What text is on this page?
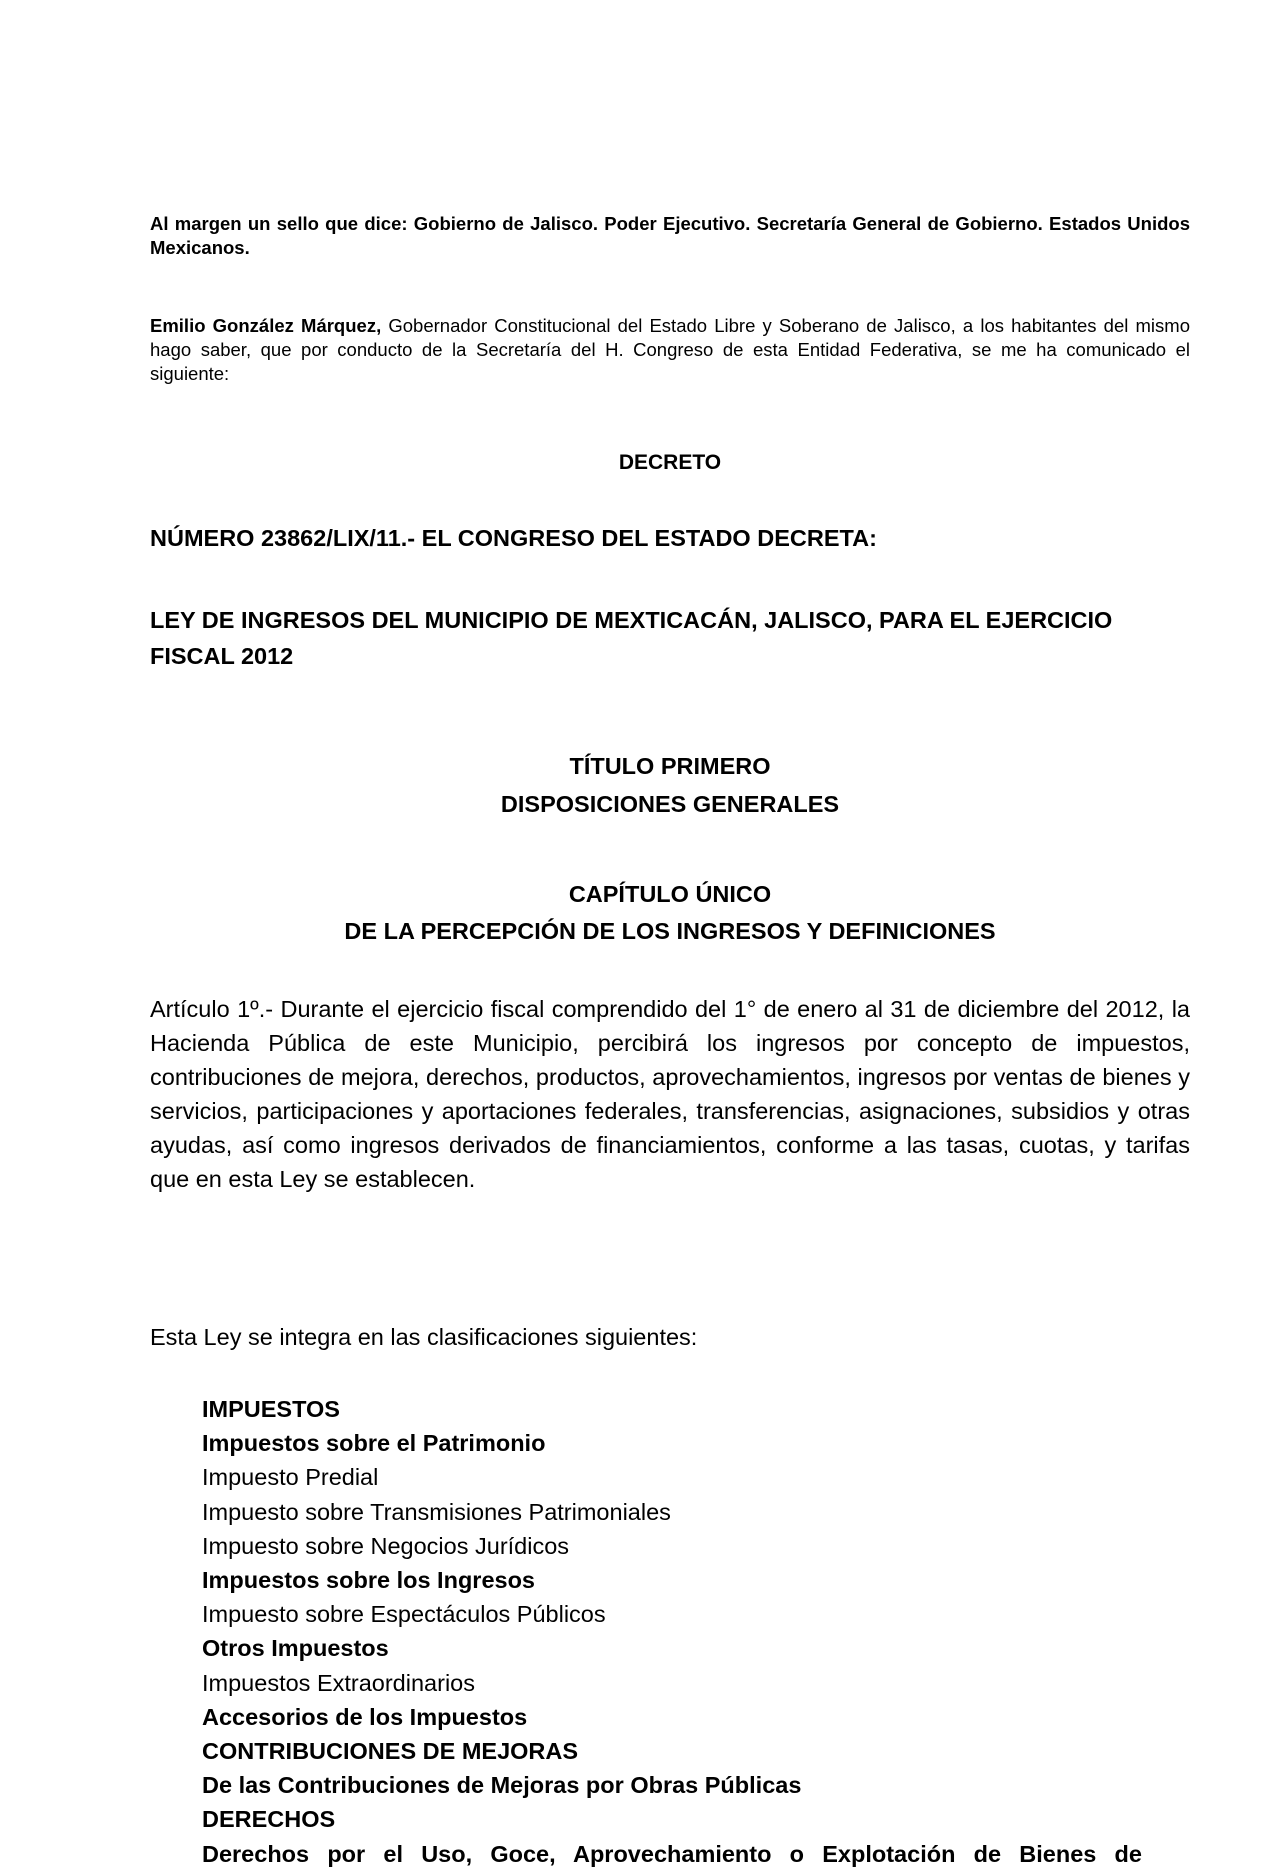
Al margen un sello que dice: Gobierno de Jalisco. Poder Ejecutivo. Secretaría General de Gobierno. Estados Unidos Mexicanos.
Emilio González Márquez, Gobernador Constitucional del Estado Libre y Soberano de Jalisco, a los habitantes del mismo hago saber, que por conducto de la Secretaría del H. Congreso de esta Entidad Federativa, se me ha comunicado el siguiente:
DECRETO
NÚMERO 23862/LIX/11.- EL CONGRESO DEL ESTADO DECRETA:
LEY DE INGRESOS DEL MUNICIPIO DE MEXTICACÁN, JALISCO, PARA EL EJERCICIO FISCAL 2012
TÍTULO PRIMERO
DISPOSICIONES GENERALES
CAPÍTULO ÚNICO
DE LA PERCEPCIÓN DE LOS INGRESOS Y DEFINICIONES
Artículo 1º.- Durante el ejercicio fiscal comprendido del 1° de enero al 31 de diciembre del 2012, la Hacienda Pública de este Municipio, percibirá los ingresos por concepto de impuestos, contribuciones de mejora, derechos, productos, aprovechamientos, ingresos por ventas de bienes y servicios, participaciones y aportaciones federales, transferencias, asignaciones, subsidios y otras ayudas, así como ingresos derivados de financiamientos, conforme a las tasas, cuotas, y tarifas que en esta Ley se establecen.
Esta Ley se integra en las clasificaciones siguientes:
IMPUESTOS
Impuestos sobre el Patrimonio
Impuesto Predial
Impuesto sobre Transmisiones Patrimoniales
Impuesto sobre Negocios Jurídicos
Impuestos sobre los Ingresos
Impuesto sobre Espectáculos Públicos
Otros Impuestos
Impuestos Extraordinarios
Accesorios de los Impuestos
CONTRIBUCIONES DE MEJORAS
De las Contribuciones de Mejoras por Obras Públicas
DERECHOS
Derechos por el Uso, Goce, Aprovechamiento o Explotación de Bienes de
